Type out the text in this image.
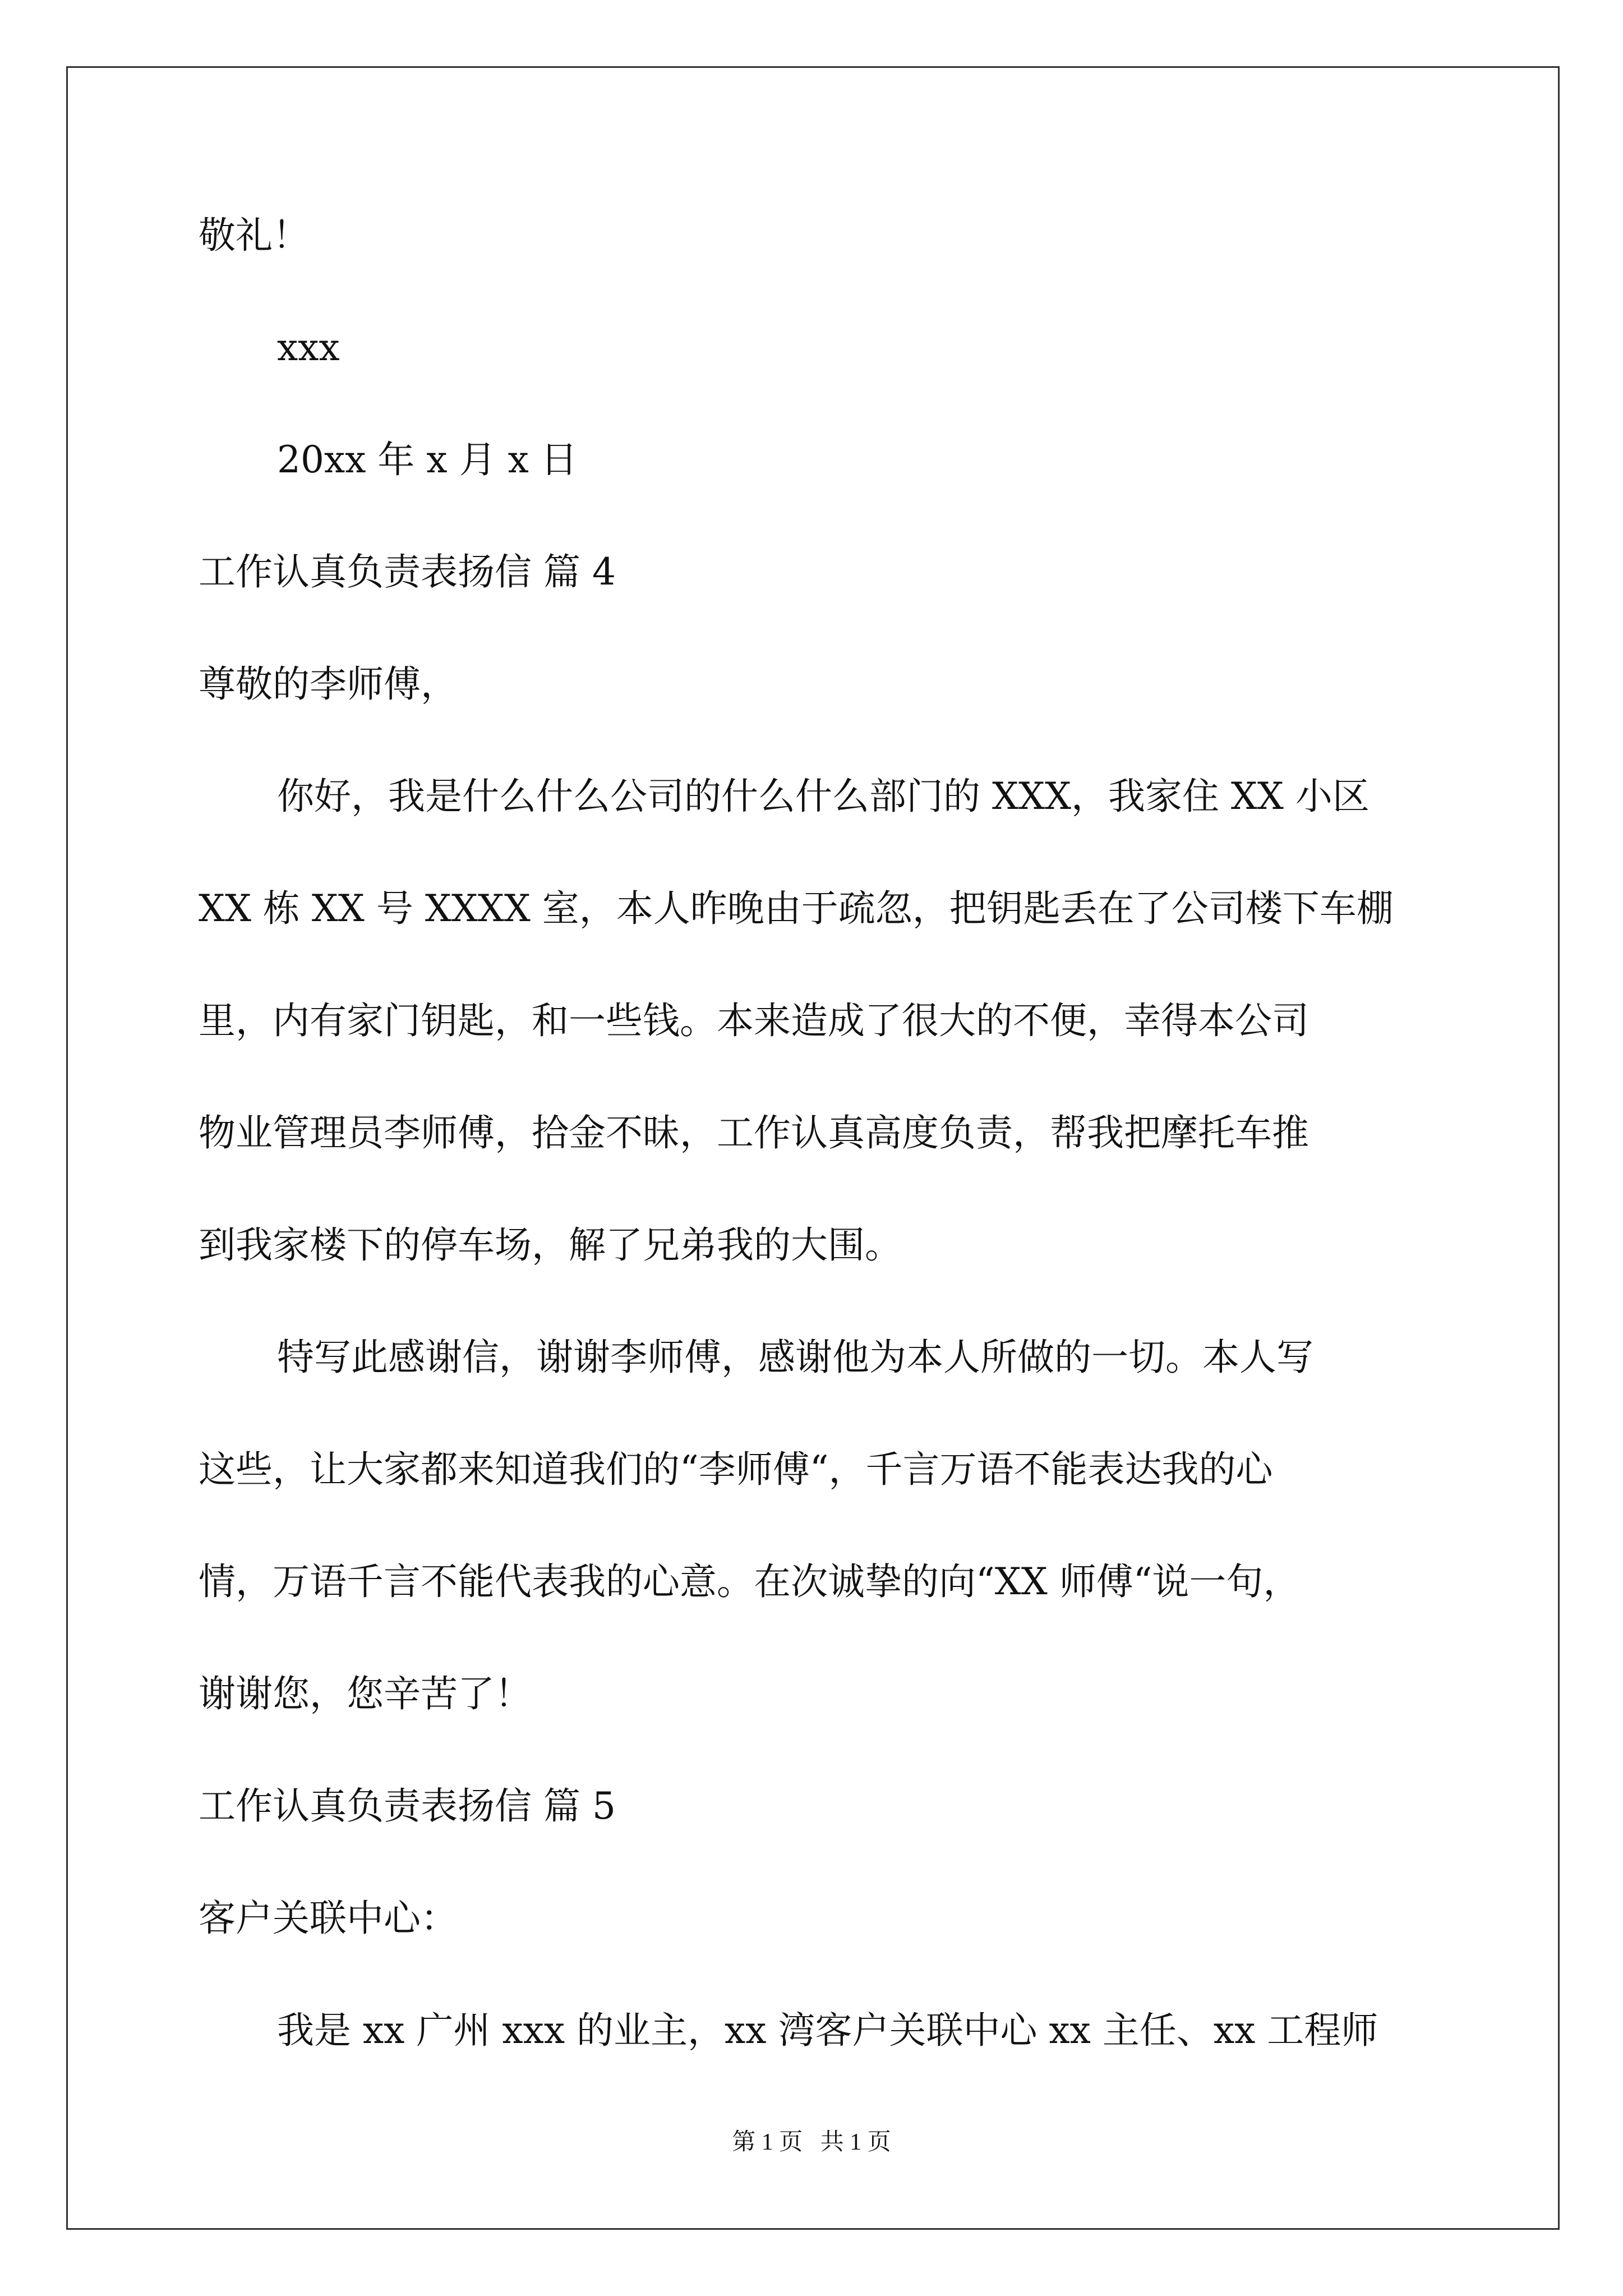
敬礼！

xxx

20xx 年 x 月 x 日

工作认真负责表扬信 篇 4

尊敬的李师傅，

你好，我是什么什么公司的什么什么部门的 XXX，我家住 XX 小区

XX 栋 XX 号 XXXX 室，本人昨晚由于疏忽，把钥匙丢在了公司楼下车棚

里，内有家门钥匙，和一些钱。本来造成了很大的不便，幸得本公司

物业管理员李师傅，拾金不昧，工作认真高度负责，帮我把摩托车推

到我家楼下的停车场，解了兄弟我的大围。

特写此感谢信，谢谢李师傅，感谢他为本人所做的一切。本人写

这些，让大家都来知道我们的“李师傅“，千言万语不能表达我的心

情，万语千言不能代表我的心意。在次诚挚的向“XX 师傅“说一句，

谢谢您，您辛苦了！

工作认真负责表扬信 篇 5

客户关联中心：

我是 xx 广州 xxx 的业主，xx 湾客户关联中心 xx 主任、xx 工程师

第 1 页   共 1 页
